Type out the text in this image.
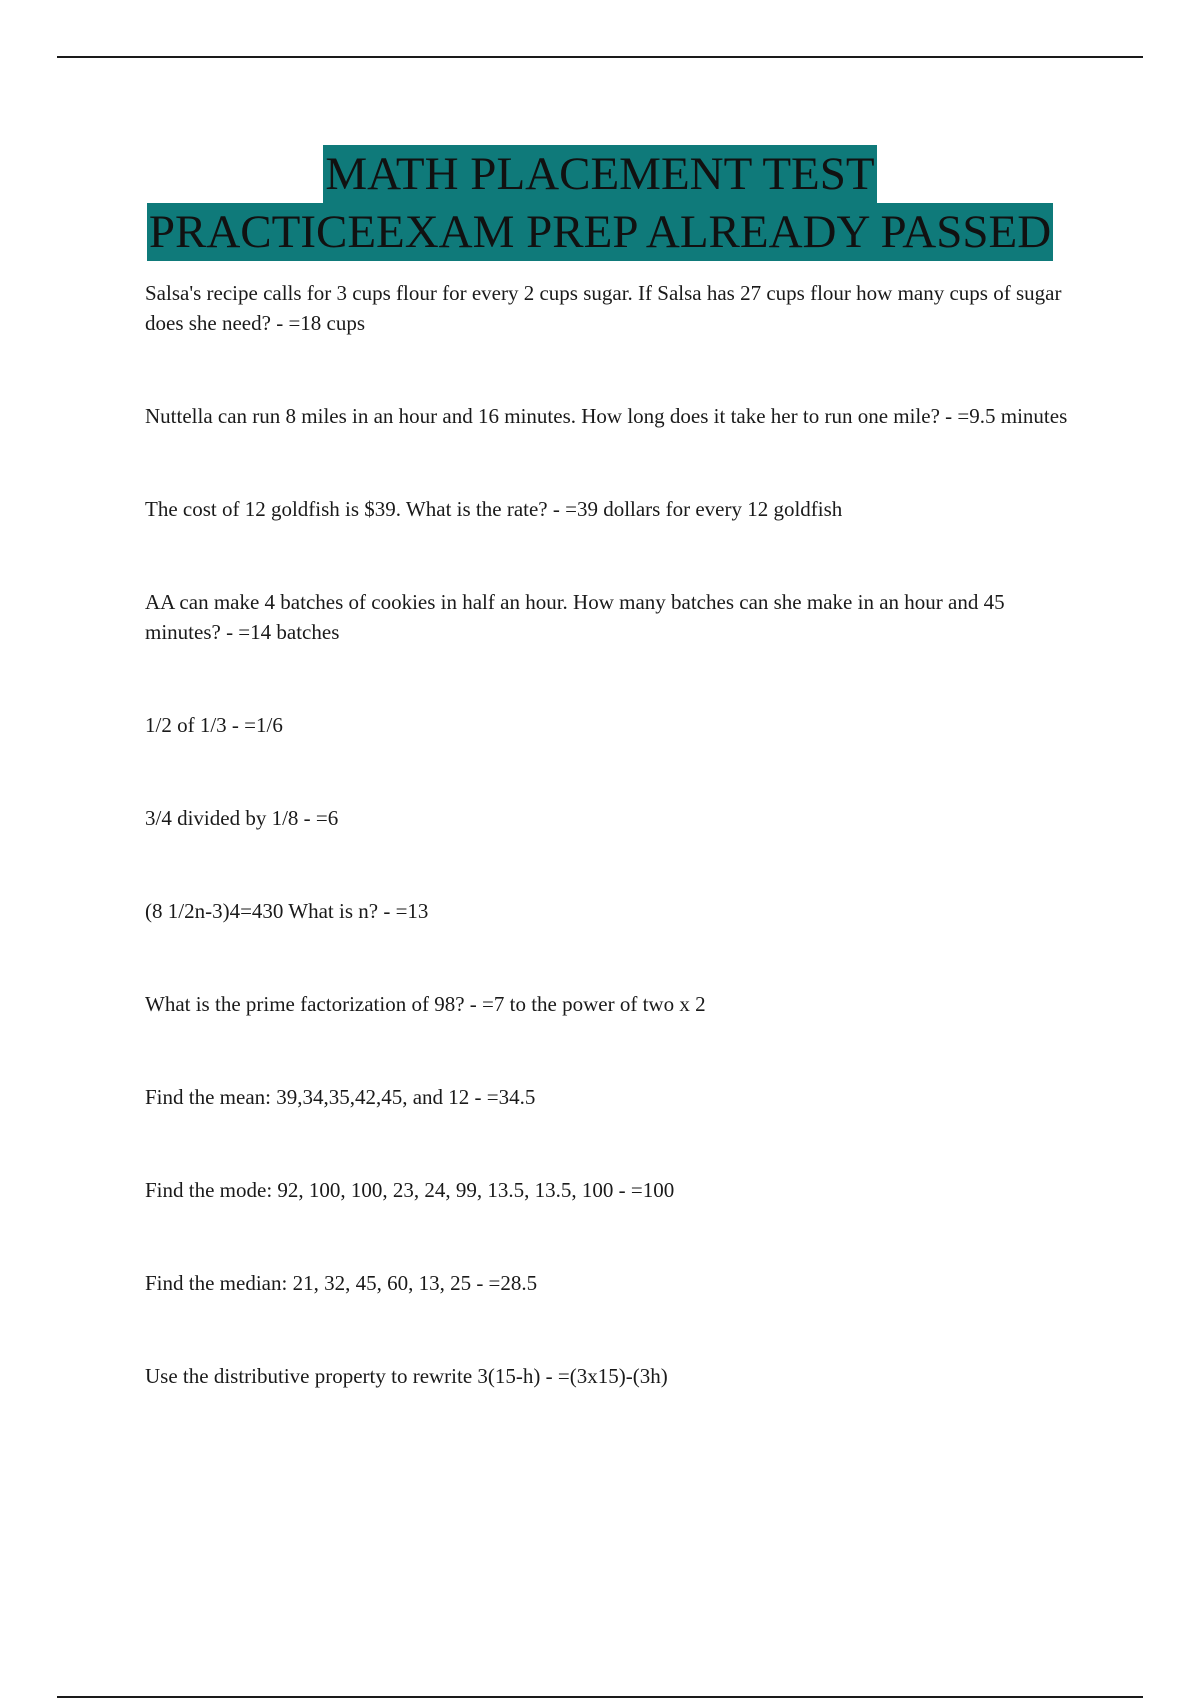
MATH PLACEMENT TEST
PRACTICEEXAM PREP ALREADY PASSED
Salsa's recipe calls for 3 cups flour for every 2 cups sugar. If Salsa has 27 cups flour how many cups of sugar does she need? - =18 cups
Nuttella can run 8 miles in an hour and 16 minutes. How long does it take her to run one mile? - =9.5 minutes
The cost of 12 goldfish is $39. What is the rate? - =39 dollars for every 12 goldfish
AA can make 4 batches of cookies in half an hour. How many batches can she make in an hour and 45 minutes? - =14 batches
1/2 of 1/3 - =1/6
3/4 divided by 1/8 - =6
(8 1/2n-3)4=430 What is n? - =13
What is the prime factorization of 98? - =7 to the power of two x 2
Find the mean: 39,34,35,42,45, and 12 - =34.5
Find the mode: 92, 100, 100, 23, 24, 99, 13.5, 13.5, 100 - =100
Find the median: 21, 32, 45, 60, 13, 25 - =28.5
Use the distributive property to rewrite 3(15-h) - =(3x15)-(3h)
